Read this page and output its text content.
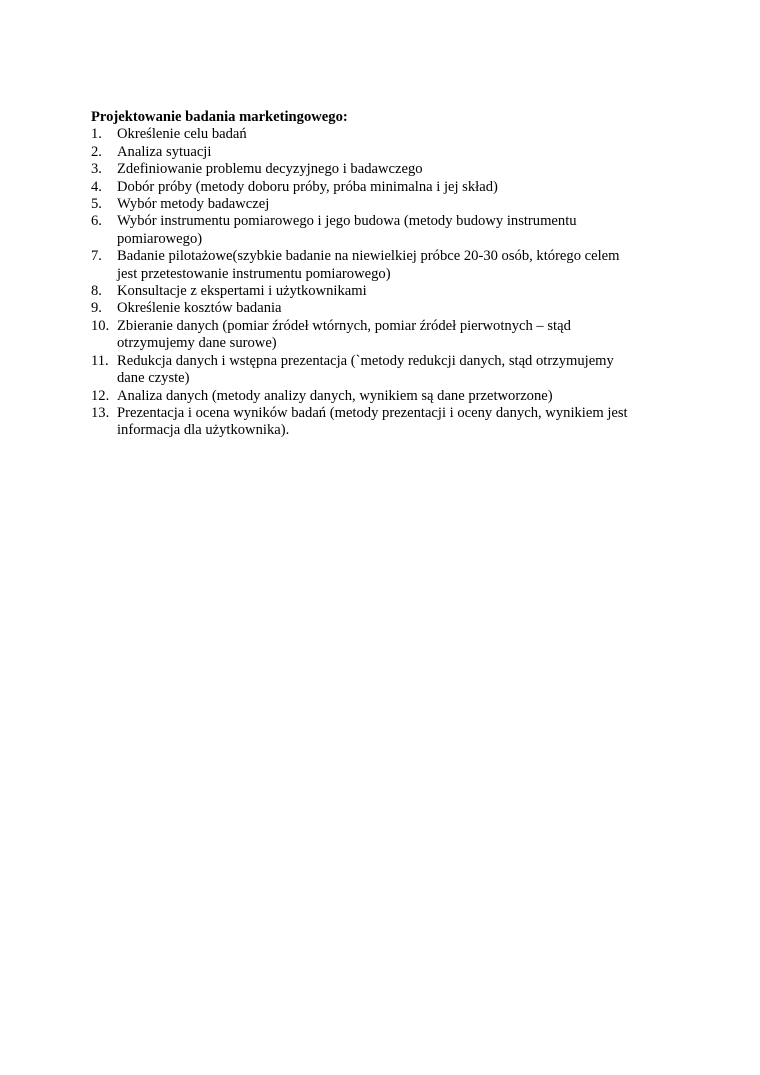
Projektowanie badania marketingowego:

1.	Określenie celu badań
2.	Analiza sytuacji
3.	Zdefiniowanie problemu decyzyjnego i badawczego
4.	Dobór próby (metody doboru próby, próba minimalna i jej skład)
5.	Wybór metody badawczej
6.	Wybór instrumentu pomiarowego i jego budowa (metody budowy instrumentu
pomiarowego)
7.	Badanie pilotażowe(szybkie badanie na niewielkiej próbce 20-30 osób, którego celem
jest przetestowanie instrumentu pomiarowego)
8.	Konsultacje z ekspertami i użytkownikami
9.	Określenie kosztów badania
10. Zbieranie danych (pomiar źródeł wtórnych, pomiar źródeł pierwotnych – stąd
otrzymujemy dane surowe)
11. Redukcja danych i wstępna prezentacja (`metody redukcji danych, stąd otrzymujemy
dane czyste)
12. Analiza danych (metody analizy danych, wynikiem są dane przetworzone)
13. Prezentacja i ocena wyników badań (metody prezentacji i oceny danych, wynikiem jest
informacja dla użytkownika).
